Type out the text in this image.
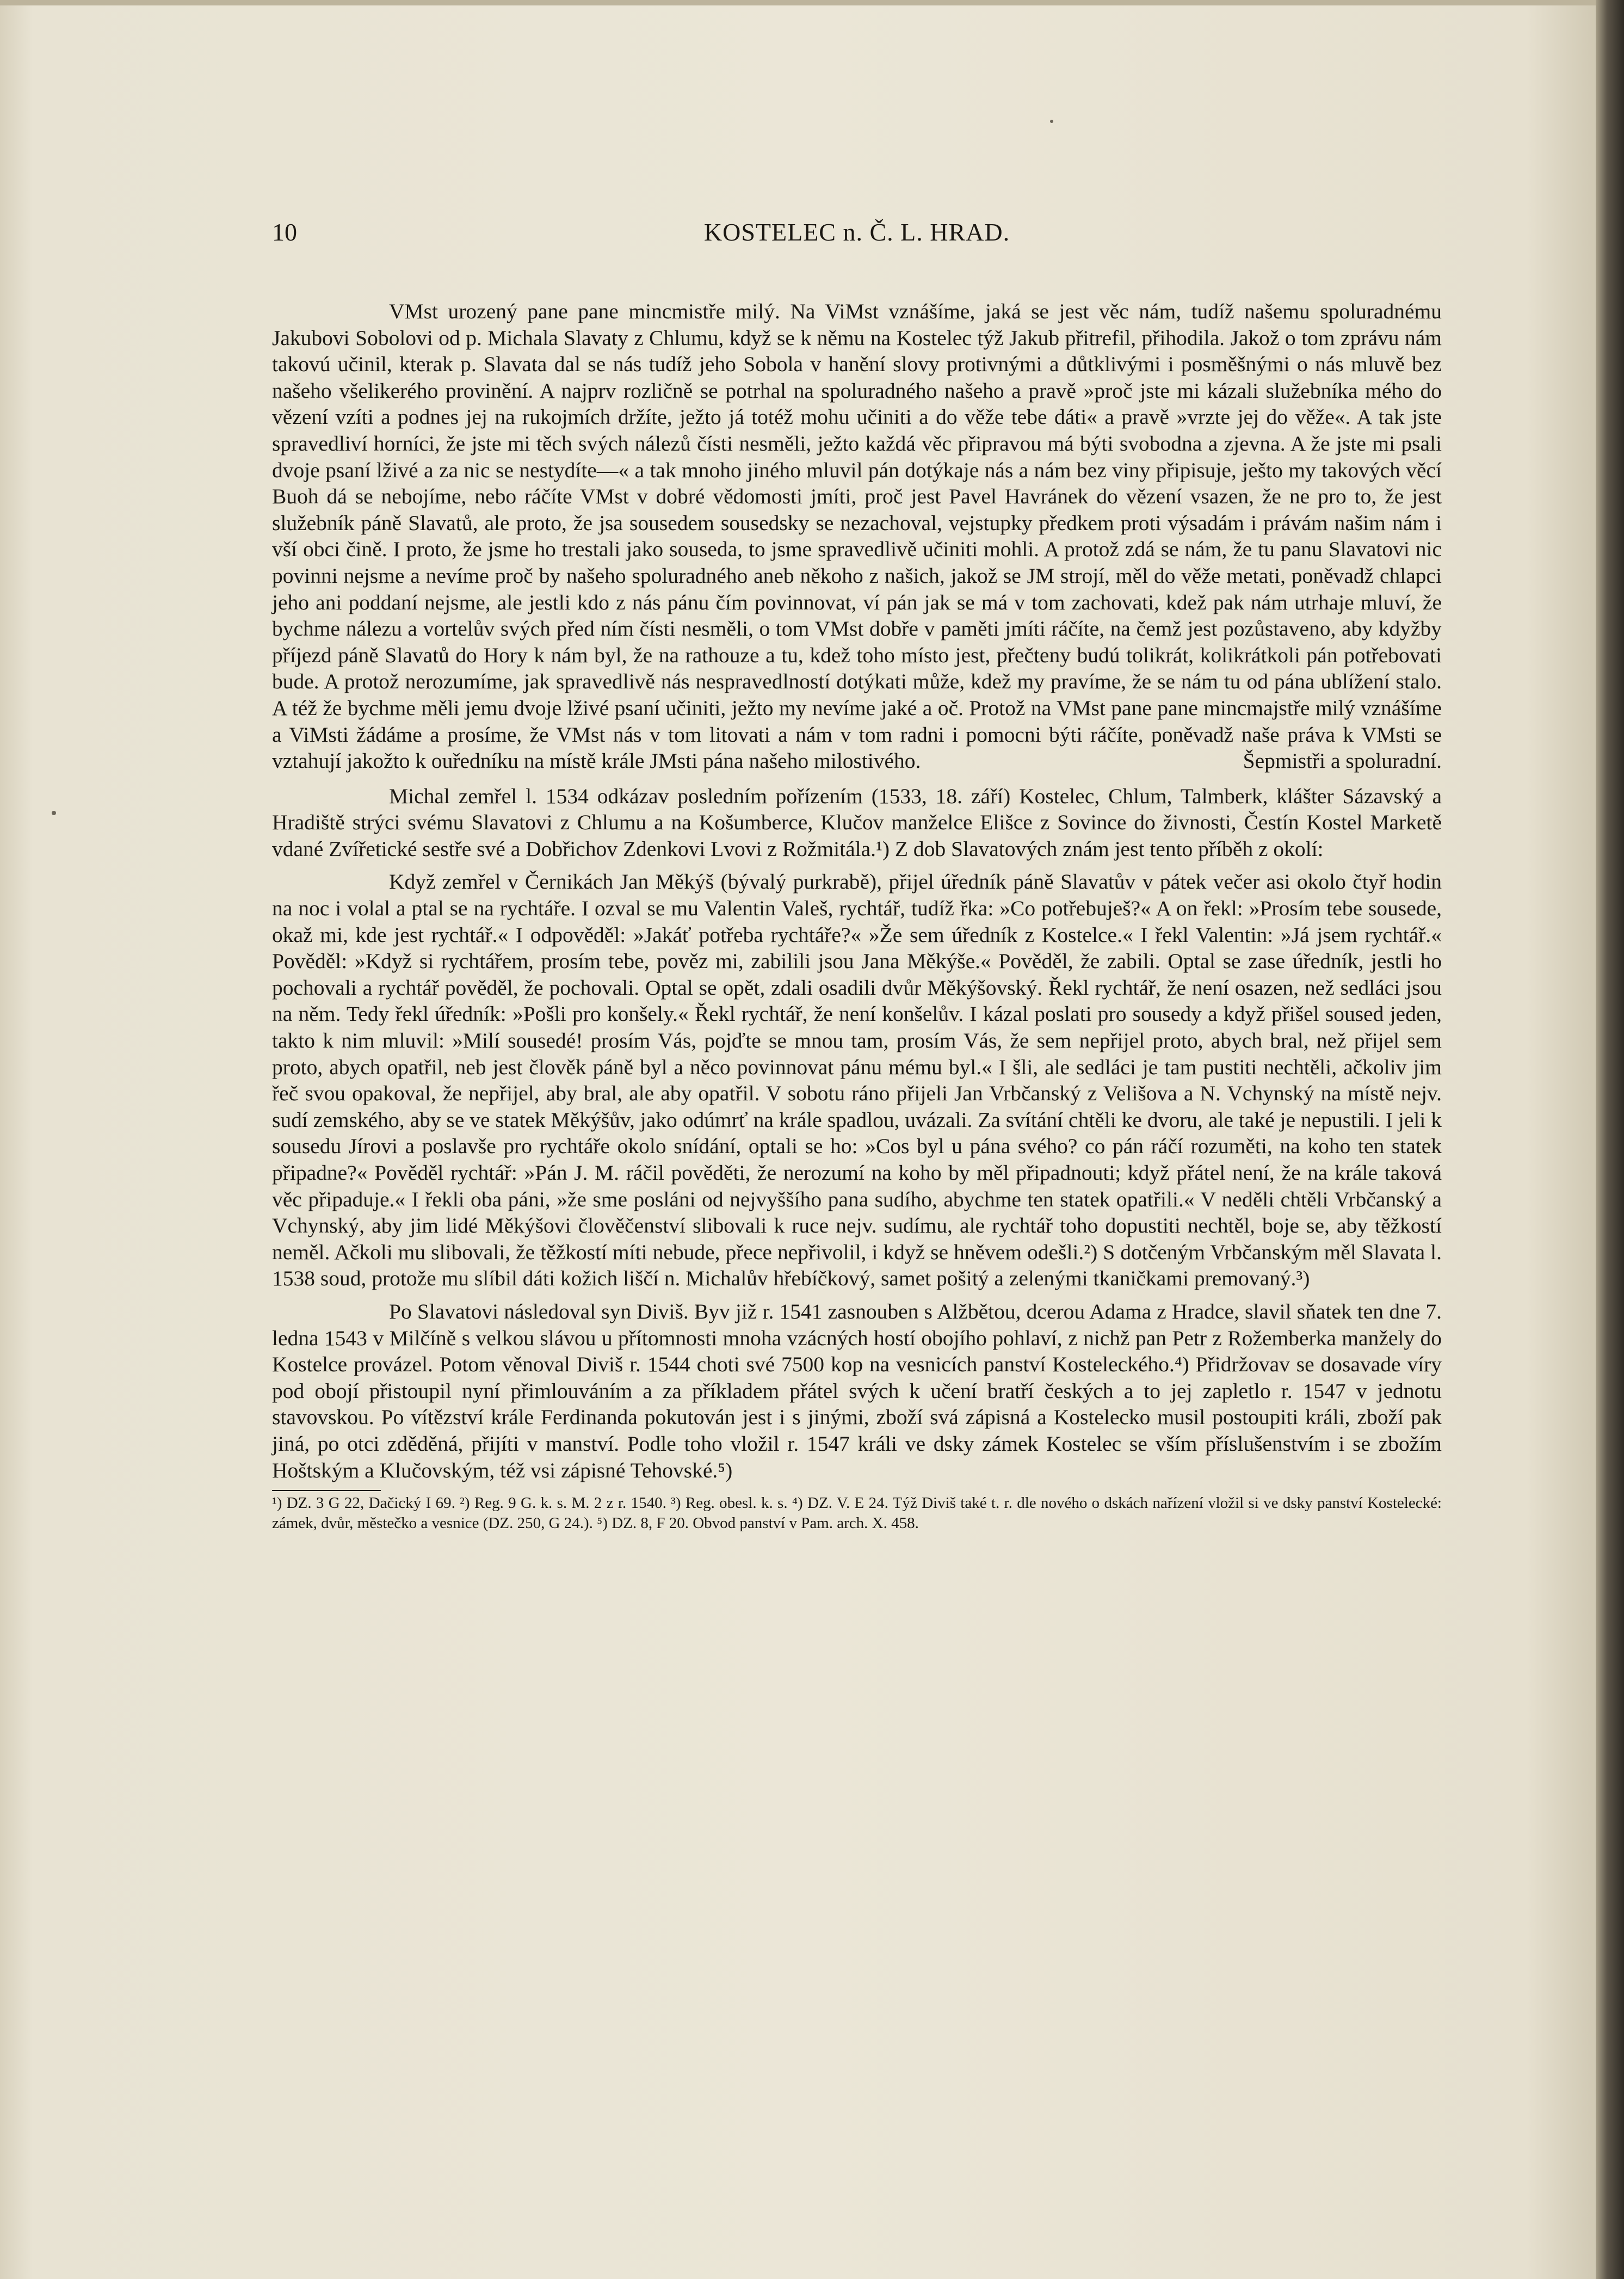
10	KOSTELEC n. Č. L. HRAD.

VMst urozený pane pane mincmistře milý. Na ViMst vznášíme, jaká se jest věc nám, tudíž našemu spoluradnému Jakubovi Sobolovi od p. Michala Slavaty z Chlumu, když se k němu na Kostelec týž Jakub přitrefil, přihodila. Jakož o tom zprávu nám takovú učinil, kterak p. Slavata dal se nás tudíž jeho Sobola v hanění slovy protivnými a důtklivými i posměšnými o nás mluvě bez našeho všelikerého provinění. A najprv rozličně se potrhal na spoluradného našeho a pravě »proč jste mi kázali služebníka mého do vězení vzíti a podnes jej na rukojmích držíte, ježto já totéž mohu učiniti a do věže tebe dáti« a pravě »vrzte jej do věže«. A tak jste spravedliví horníci, že jste mi těch svých nálezů čísti nesměli, ježto každá věc připravou má býti svobodna a zjevna. A že jste mi psali dvoje psaní lživé a za nic se nestydíte—« a tak mnoho jiného mluvil pán dotýkaje nás a nám bez viny připisuje, ješto my takových věcí Buoh dá se nebojíme, nebo ráčíte VMst v dobré vědomosti jmíti, proč jest Pavel Havránek do vězení vsazen, že ne pro to, že jest služebník páně Slavatů, ale proto, že jsa sousedem sousedsky se nezachoval, vejstupky předkem proti výsadám i právám našim nám i vší obci čině. I proto, že jsme ho trestali jako souseda, to jsme spravedlivě učiniti mohli. A protož zdá se nám, že tu panu Slavatovi nic povinni nejsme a nevíme proč by našeho spoluradného aneb někoho z našich, jakož se JM strojí, měl do věže metati, poněvadž chlapci jeho ani poddaní nejsme, ale jestli kdo z nás pánu čím povinnovat, ví pán jak se má v tom zachovati, kdež pak nám utrhaje mluví, že bychme nálezu a vortelův svých před ním čísti nesměli, o tom VMst dobře v paměti jmíti ráčíte, na čemž jest pozůstaveno, aby kdyžby příjezd páně Slavatů do Hory k nám byl, že na rathouze a tu, kdež toho místo jest, přečteny budú tolikrát, kolikrátkoli pán potřebovati bude. A protož nerozumíme, jak spravedlivě nás nespravedlností dotýkati může, kdež my pravíme, že se nám tu od pána ublížení stalo. A též že bychme měli jemu dvoje lživé psaní učiniti, ježto my nevíme jaké a oč. Protož na VMst pane pane mincmajstře milý vznášíme a ViMsti žádáme a prosíme, že VMst nás v tom litovati a nám v tom radni i pomocni býti ráčíte, poněvadž naše práva k VMsti se vztahují jakožto k ouředníku na místě krále JMsti pána našeho milostivého.	Šepmistři a spoluradní.

Michal zemřel l. 1534 odkázav posledním pořízením (1533, 18. září) Kostelec, Chlum, Talmberk, klášter Sázavský a Hradiště strýci svému Slavatovi z Chlumu a na Košumberce, Klučov manželce Elišce z Sovince do živnosti, Čestín Kostel Marketě vdané Zvířetické sestře své a Dobřichov Zdenkovi Lvovi z Rožmitála.¹) Z dob Slavatových znám jest tento příběh z okolí:

Když zemřel v Černikách Jan Měkýš (bývalý purkrabě), přijel úředník páně Slavatův v pátek večer asi okolo čtyř hodin na noc i volal a ptal se na rychtáře. I ozval se mu Valentin Valeš, rychtář, tudíž řka: »Co potřebuješ?« A on řekl: »Prosím tebe sousede, okaž mi, kde jest rychtář.« I odpověděl: »Jakáť potřeba rychtáře?« »Že sem úředník z Kostelce.« I řekl Valentin: »Já jsem rychtář.« Pověděl: »Když si rychtářem, prosím tebe, pověz mi, zabilili jsou Jana Měkýše.« Pověděl, že zabili. Optal se zase úředník, jestli ho pochovali a rychtář pověděl, že pochovali. Optal se opět, zdali osadili dvůr Měkýšovský. Řekl rychtář, že není osazen, než sedláci jsou na něm. Tedy řekl úředník: »Pošli pro konšely.« Řekl rychtář, že není konšelův. I kázal poslati pro sousedy a když přišel soused jeden, takto k nim mluvil: »Milí sousedé! prosím Vás, pojďte se mnou tam, prosím Vás, že sem nepřijel proto, abych bral, než přijel sem proto, abych opatřil, neb jest člověk páně byl a něco povinnovat pánu mému byl.« I šli, ale sedláci je tam pustiti nechtěli, ačkoliv jim řeč svou opakoval, že nepřijel, aby bral, ale aby opatřil. V sobotu ráno přijeli Jan Vrbčanský z Velišova a N. Vchynský na místě nejv. sudí zemského, aby se ve statek Měkýšův, jako odúmrť na krále spadlou, uvázali. Za svítání chtěli ke dvoru, ale také je nepustili. I jeli k sousedu Jírovi a poslavše pro rychtáře okolo snídání, optali se ho: »Cos byl u pána svého? co pán ráčí rozuměti, na koho ten statek připadne?« Pověděl rychtář: »Pán J. M. ráčil pověděti, že nerozumí na koho by měl připadnouti; když přátel není, že na krále taková věc připaduje.« I řekli oba páni, »že sme posláni od nejvyššího pana sudího, abychme ten statek opatřili.« V neděli chtěli Vrbčanský a Vchynský, aby jim lidé Měkýšovi člověčenství slibovali k ruce nejv. sudímu, ale rychtář toho dopustiti nechtěl, boje se, aby těžkostí neměl. Ačkoli mu slibovali, že těžkostí míti nebude, přece nepřivolil, i když se hněvem odešli.²) S dotčeným Vrbčanským měl Slavata l. 1538 soud, protože mu slíbil dáti kožich liščí n. Michalův hřebíčkový, samet pošitý a zelenými tkaničkami premovaný.³)

Po Slavatovi následoval syn Diviš. Byv již r. 1541 zasnouben s Alžbětou, dcerou Adama z Hradce, slavil sňatek ten dne 7. ledna 1543 v Milčíně s velkou slávou u přítomnosti mnoha vzácných hostí obojího pohlaví, z nichž pan Petr z Rožemberka manžely do Kostelce provázel. Potom věnoval Diviš r. 1544 choti své 7500 kop na vesnicích panství Kosteleckého.⁴) Přidržovav se dosavade víry pod obojí přistoupil nyní přimlouváním a za příkladem přátel svých k učení bratří českých a to jej zapletlo r. 1547 v jednotu stavovskou. Po vítězství krále Ferdinanda pokutován jest i s jinými, zboží svá zápisná a Kostelecko musil postoupiti králi, zboží pak jiná, po otci zděděná, přijíti v manství. Podle toho vložil r. 1547 králi ve dsky zámek Kostelec se vším příslušenstvím i se zbožím Hoštským a Klučovským, též vsi zápisné Tehovské.⁵)

¹) DZ. 3 G 22, Dačický I 69. ²) Reg. 9 G. k. s. M. 2 z r. 1540. ³) Reg. obesl. k. s. ⁴) DZ. V. E 24. Týž Diviš také t. r. dle nového o dskách nařízení vložil si ve dsky panství Kostelecké: zámek, dvůr, městečko a vesnice (DZ. 250, G 24.). ⁵) DZ. 8, F 20. Obvod panství v Pam. arch. X. 458.
